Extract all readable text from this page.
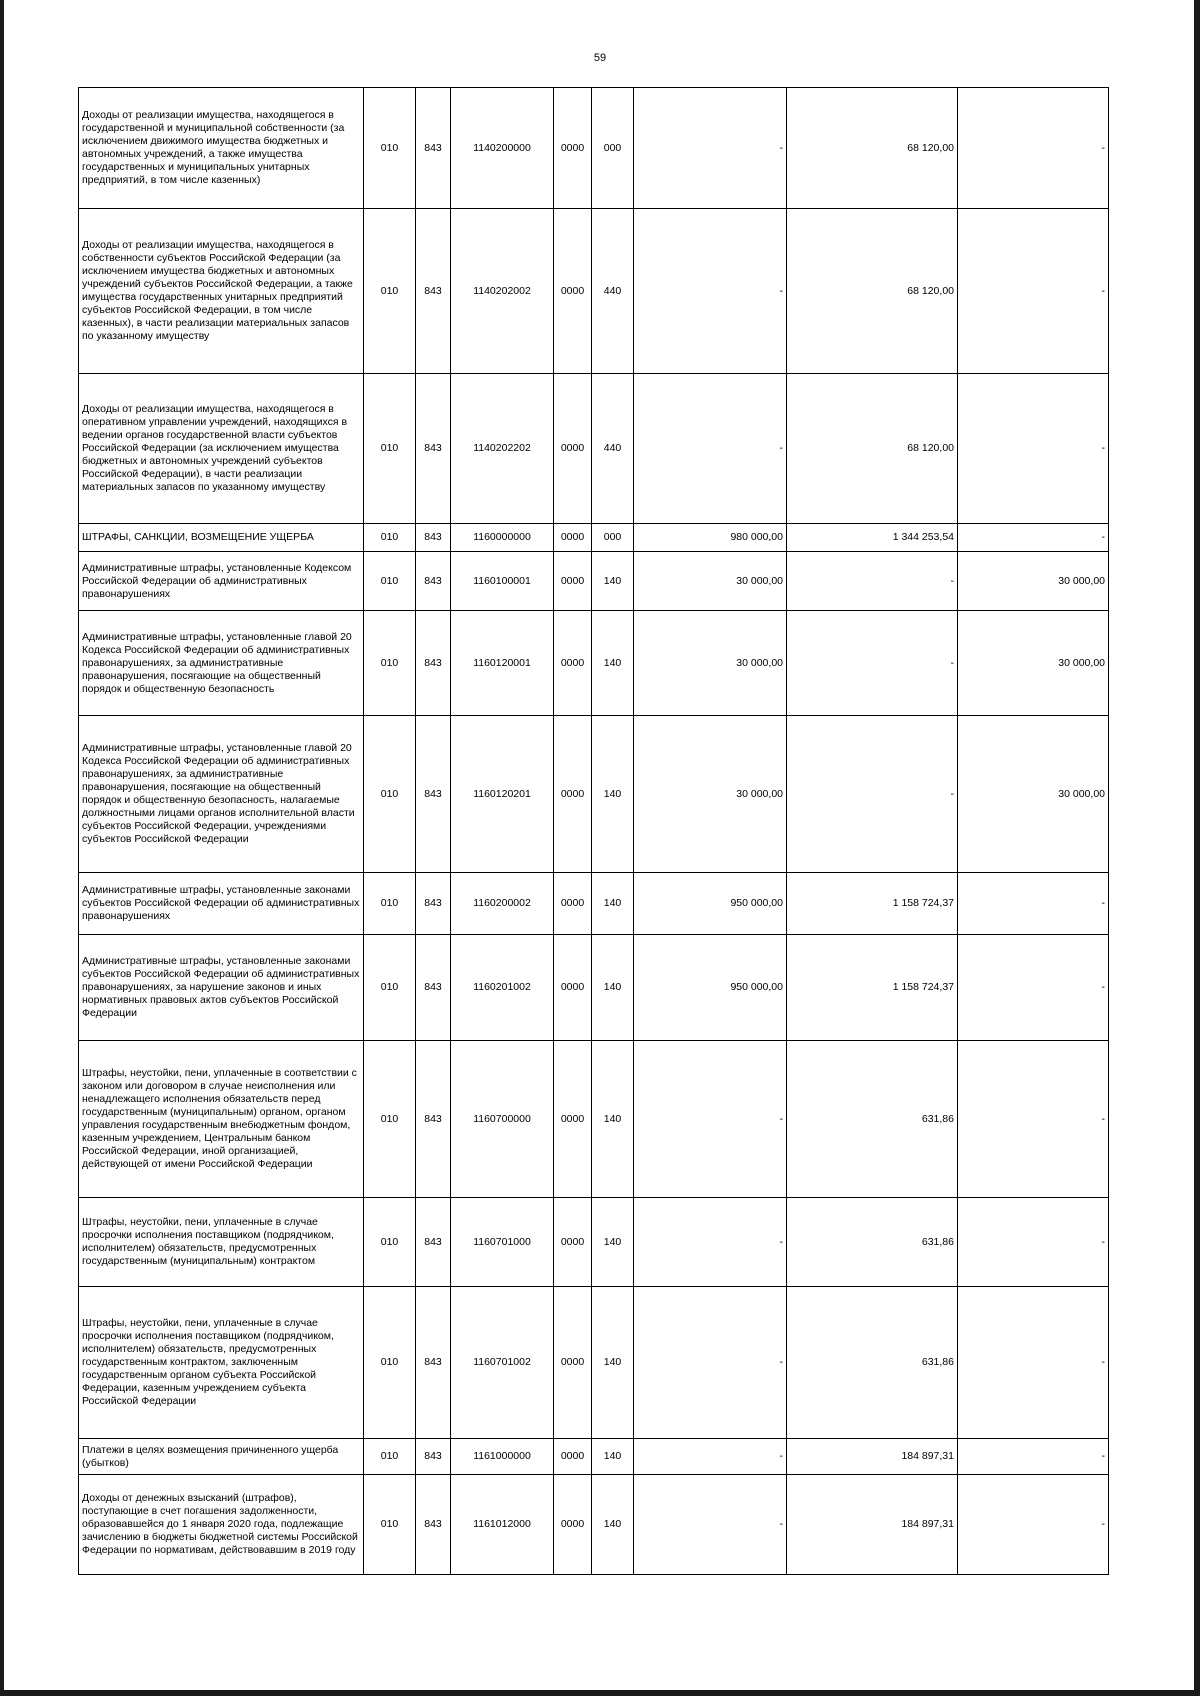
59
Доходы от реализации имущества, находящегося в государственной и муниципальной собственности (за исключением движимого имущества бюджетных и автономных учреждений, а также имущества государственных и муниципальных унитарных предприятий, в том числе казенных)	010	843	1140200000	0000	000	-	68 120,00	-
Доходы от реализации имущества, находящегося в собственности субъектов Российской Федерации (за исключением имущества бюджетных и автономных учреждений субъектов Российской Федерации, а также имущества государственных унитарных предприятий субъектов Российской Федерации, в том числе казенных), в части реализации материальных запасов по указанному имуществу	010	843	1140202002	0000	440	-	68 120,00	-
Доходы от реализации имущества, находящегося в оперативном управлении учреждений, находящихся в ведении органов государственной власти субъектов Российской Федерации (за исключением имущества бюджетных и автономных учреждений субъектов Российской Федерации), в части реализации материальных запасов по указанному имуществу	010	843	1140202202	0000	440	-	68 120,00	-
ШТРАФЫ, САНКЦИИ, ВОЗМЕЩЕНИЕ УЩЕРБА	010	843	1160000000	0000	000	980 000,00	1 344 253,54	-
Административные штрафы, установленные Кодексом Российской Федерации об административных правонарушениях	010	843	1160100001	0000	140	30 000,00	-	30 000,00
Административные штрафы, установленные главой 20 Кодекса Российской Федерации об административных правонарушениях, за административные правонарушения, посягающие на общественный порядок и общественную безопасность	010	843	1160120001	0000	140	30 000,00	-	30 000,00
Административные штрафы, установленные главой 20 Кодекса Российской Федерации об административных правонарушениях, за административные правонарушения, посягающие на общественный порядок и общественную безопасность, налагаемые должностными лицами органов исполнительной власти субъектов Российской Федерации, учреждениями субъектов Российской Федерации	010	843	1160120201	0000	140	30 000,00	-	30 000,00
Административные штрафы, установленные законами субъектов Российской Федерации об административных правонарушениях	010	843	1160200002	0000	140	950 000,00	1 158 724,37	-
Административные штрафы, установленные законами субъектов Российской Федерации об административных правонарушениях, за нарушение законов и иных нормативных правовых актов субъектов Российской Федерации	010	843	1160201002	0000	140	950 000,00	1 158 724,37	-
Штрафы, неустойки, пени, уплаченные в соответствии с законом или договором в случае неисполнения или ненадлежащего исполнения обязательств перед государственным (муниципальным) органом, органом управления государственным внебюджетным фондом, казенным учреждением, Центральным банком Российской Федерации, иной организацией, действующей от имени Российской Федерации	010	843	1160700000	0000	140	-	631,86	-
Штрафы, неустойки, пени, уплаченные в случае просрочки исполнения поставщиком (подрядчиком, исполнителем) обязательств, предусмотренных государственным (муниципальным) контрактом	010	843	1160701000	0000	140	-	631,86	-
Штрафы, неустойки, пени, уплаченные в случае просрочки исполнения поставщиком (подрядчиком, исполнителем) обязательств, предусмотренных государственным контрактом, заключенным государственным органом субъекта Российской Федерации, казенным учреждением субъекта Российской Федерации	010	843	1160701002	0000	140	-	631,86	-
Платежи в целях возмещения причиненного ущерба (убытков)	010	843	1161000000	0000	140	-	184 897,31	-
Доходы от денежных взысканий (штрафов), поступающие в счет погашения задолженности, образовавшейся до 1 января 2020 года, подлежащие зачислению в бюджеты бюджетной системы Российской Федерации по нормативам, действовавшим в 2019 году	010	843	1161012000	0000	140	-	184 897,31	-
